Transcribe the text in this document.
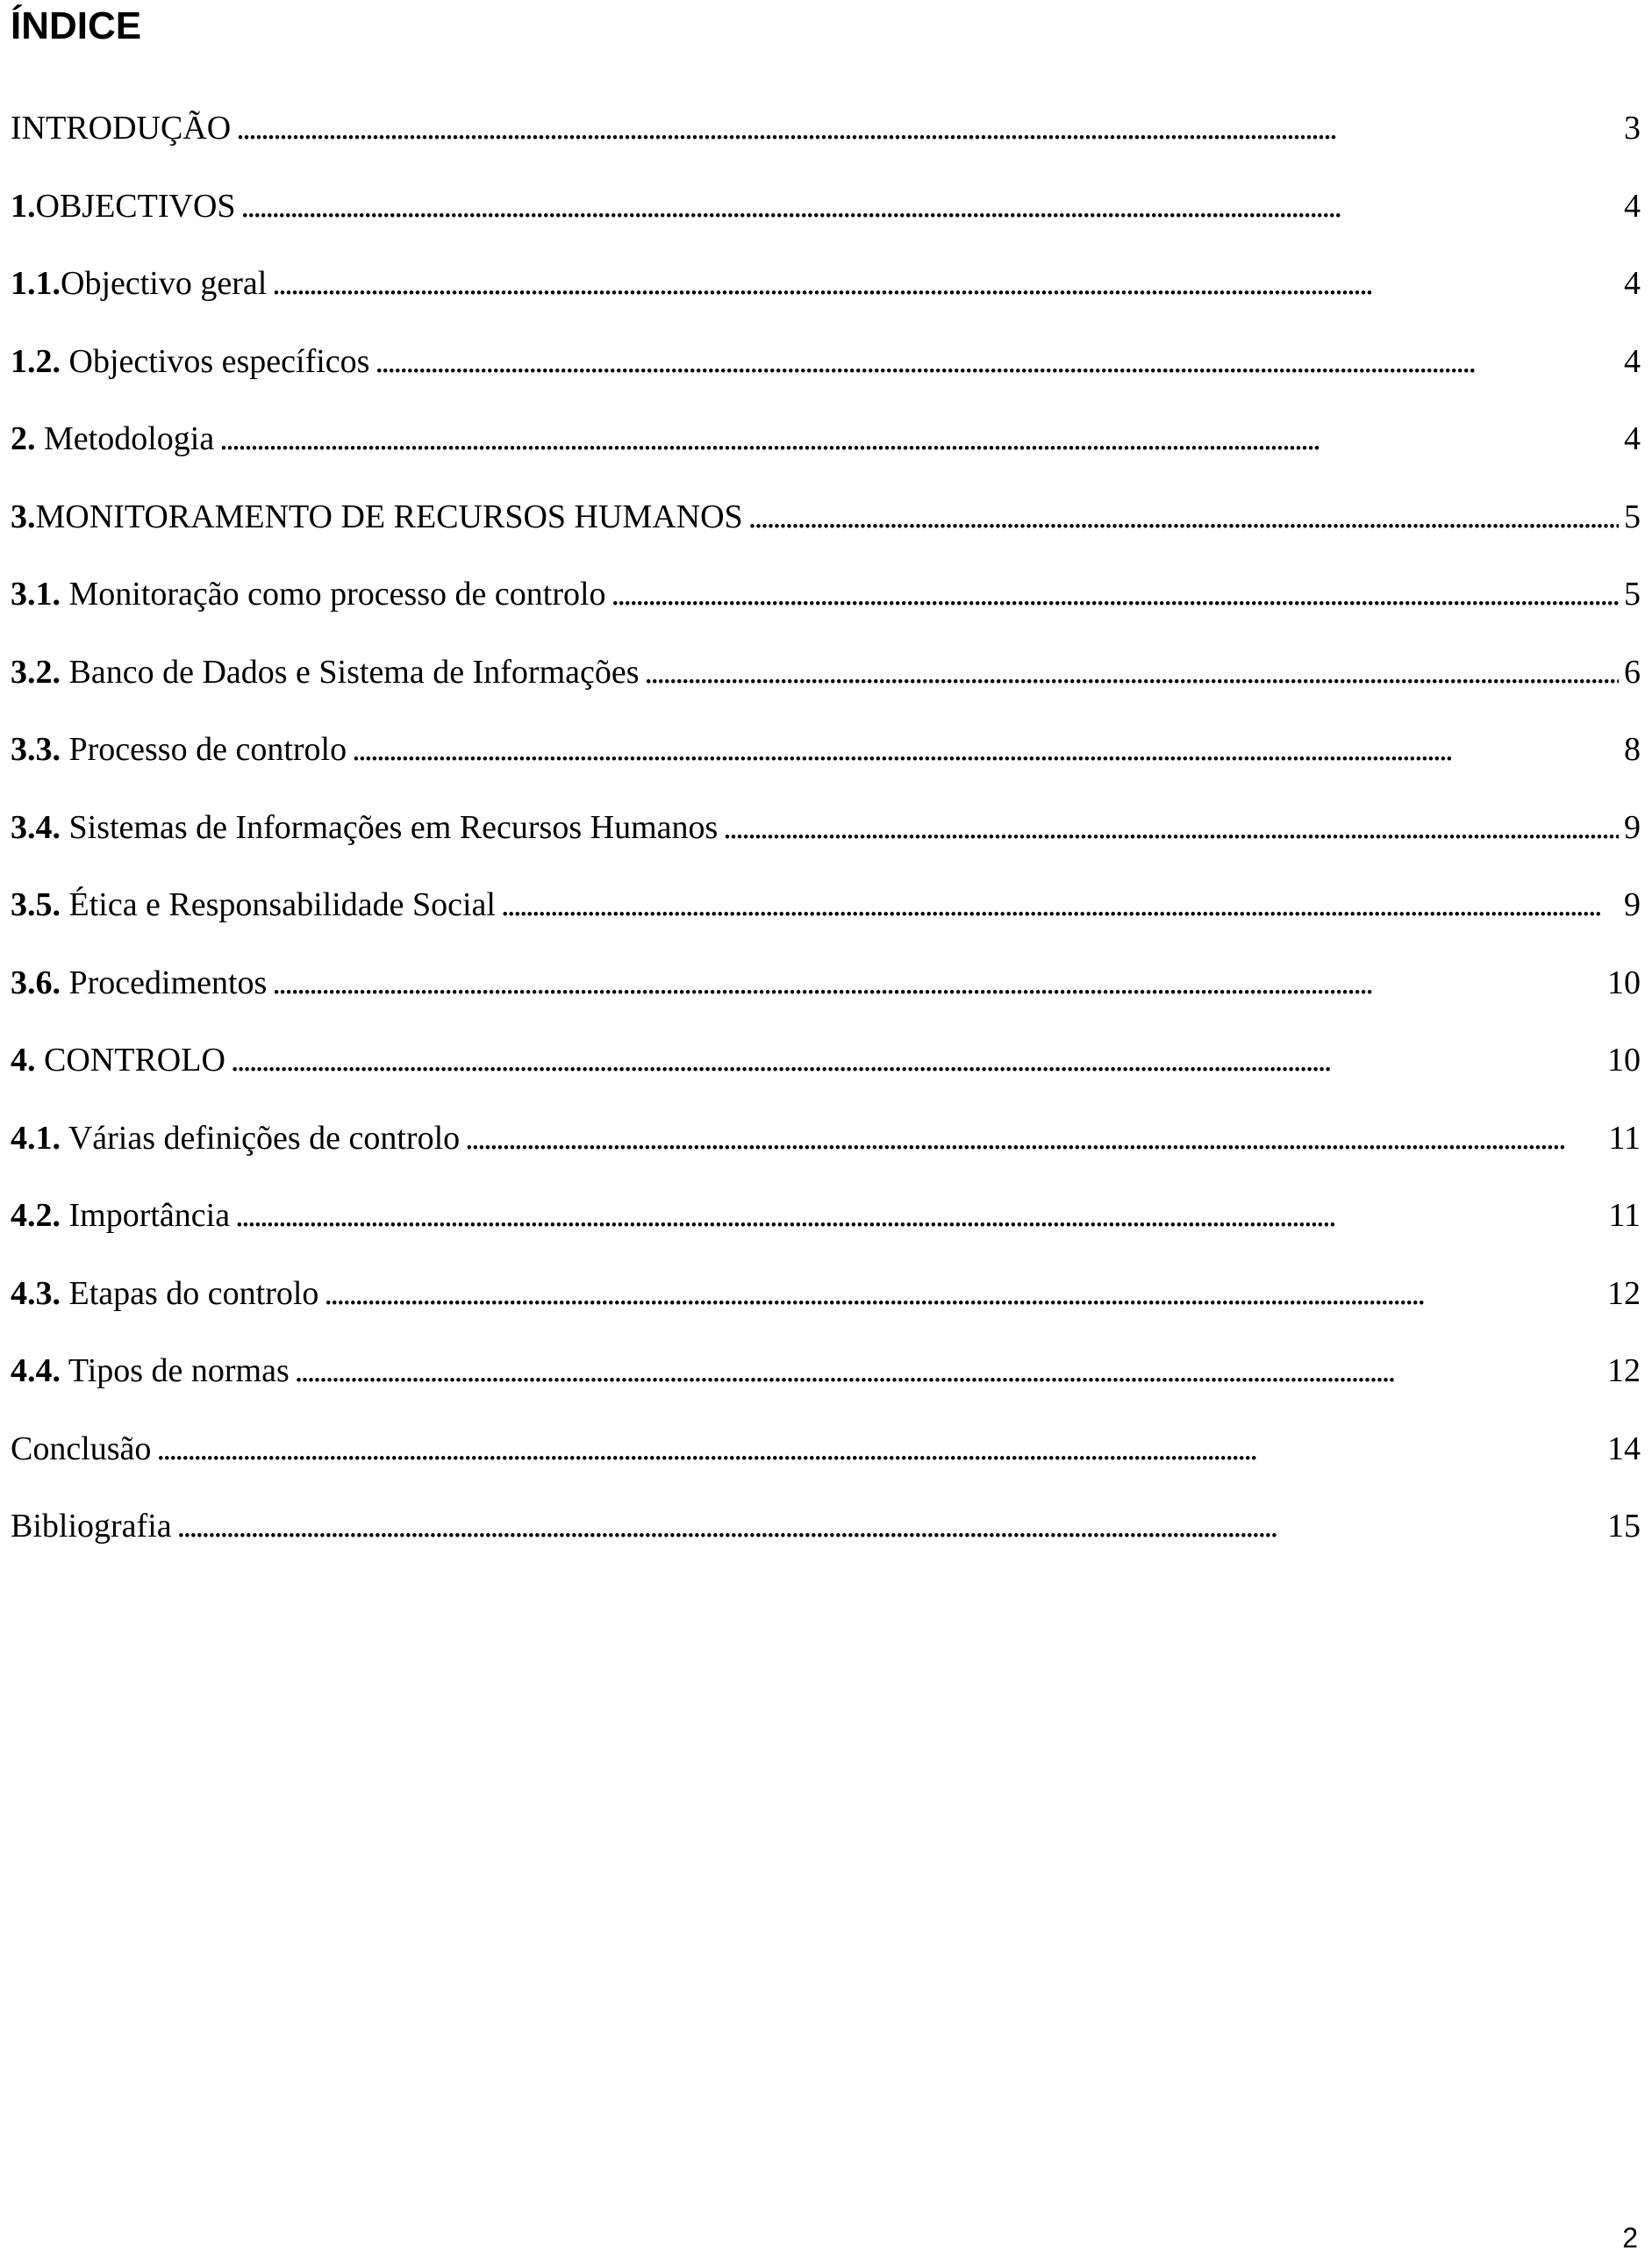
ÍNDICE
INTRODUÇÃO . . .	3
1. OBJECTIVOS . . .	4
1.1. Objectivo geral . . .	4
1.2. Objectivos específicos . . .	4
2. Metodologia . . .	4
3. MONITORAMENTO DE RECURSOS HUMANOS . . .	5
3.1. Monitoração como processo de controlo . . .	5
3.2. Banco de Dados e Sistema de Informações . . .	6
3.3. Processo de controlo . . .	8
3.4. Sistemas de Informações em Recursos Humanos . . .	9
3.5. Ética e Responsabilidade Social . . .	9
3.6. Procedimentos . . .	10
4. CONTROLO . . .	10
4.1. Várias definições de controlo . . .	11
4.2. Importância . . .	11
4.3. Etapas do controlo . . .	12
4.4. Tipos de normas . . .	12
Conclusão . . .	14
Bibliografia . . .	15
2
